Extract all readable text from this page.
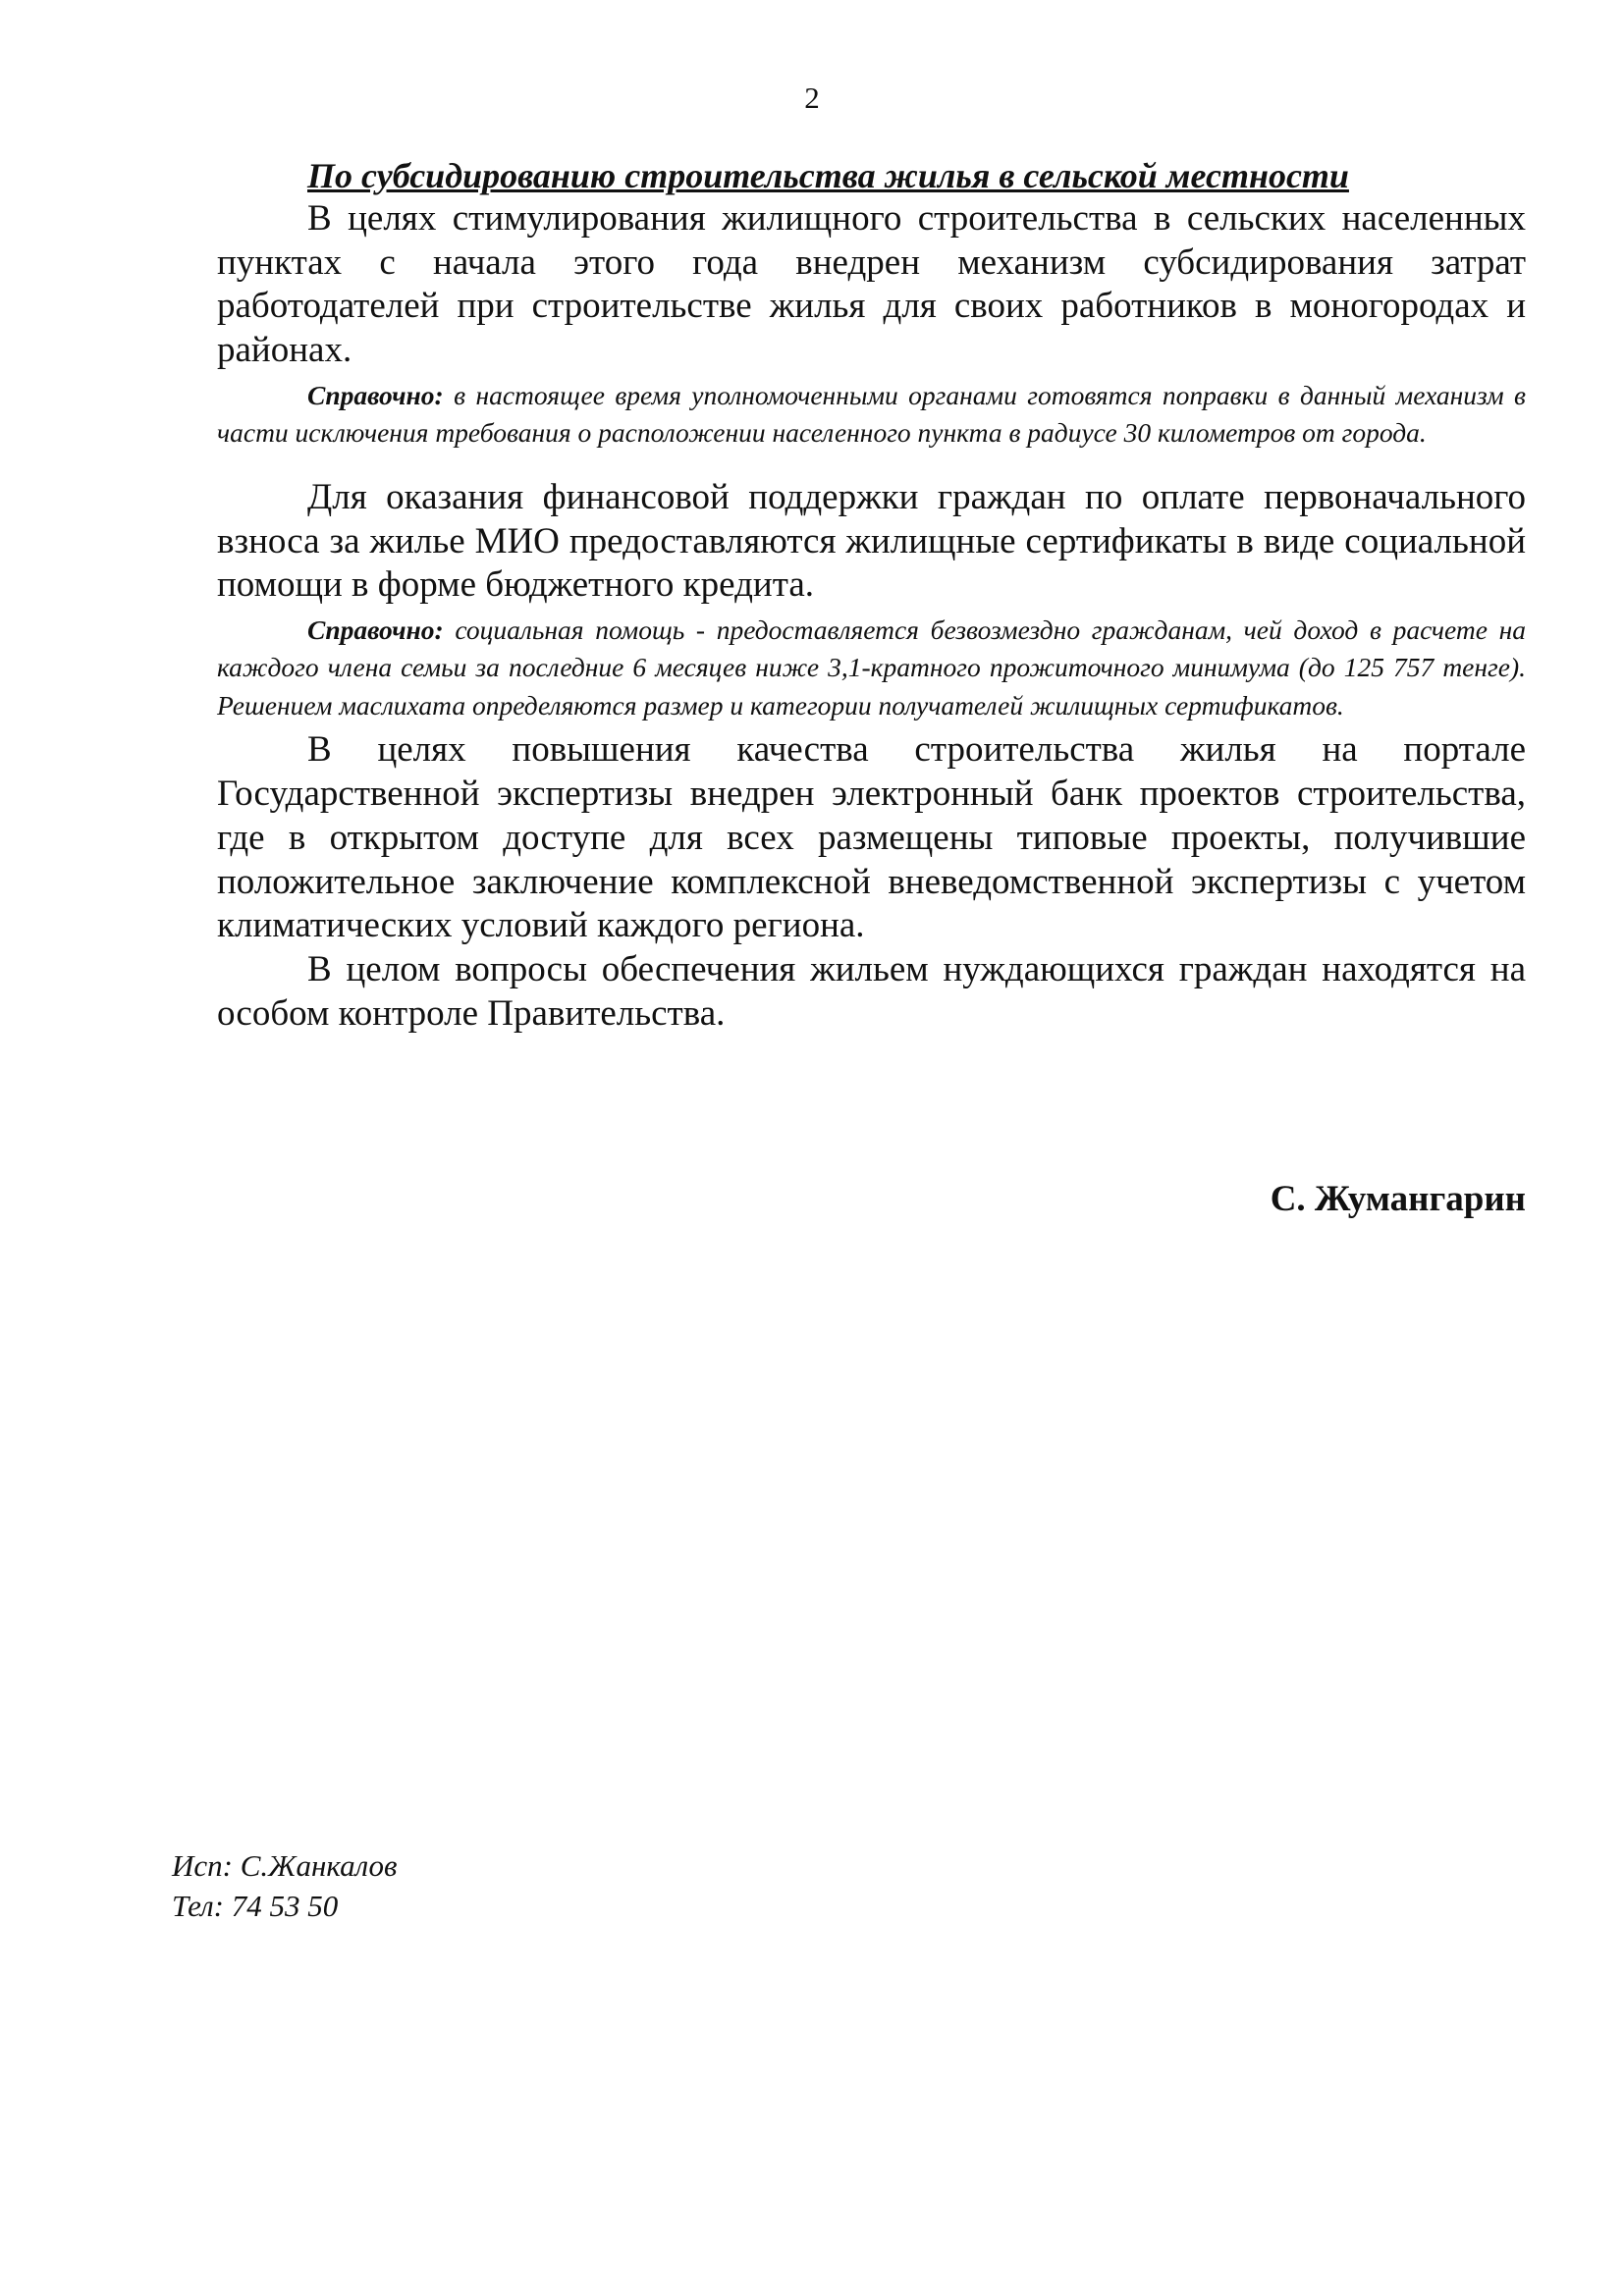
2

По субсидированию строительства жилья в сельской местности

В целях стимулирования жилищного строительства в сельских населенных пунктах с начала этого года внедрен механизм субсидирования затрат работодателей при строительстве жилья для своих работников в моногородах и районах.

Справочно: в настоящее время уполномоченными органами готовятся поправки в данный механизм в части исключения требования о расположении населенного пункта в радиусе 30 километров от города.

Для оказания финансовой поддержки граждан по оплате первоначального взноса за жилье МИО предоставляются жилищные сертификаты в виде социальной помощи в форме бюджетного кредита.

Справочно: социальная помощь - предоставляется безвозмездно гражданам, чей доход в расчете на каждого члена семьи за последние 6 месяцев ниже 3,1-кратного прожиточного минимума (до 125 757 тенге). Решением маслихата определяются размер и категории получателей жилищных сертификатов.

В целях повышения качества строительства жилья на портале Государственной экспертизы внедрен электронный банк проектов строительства, где в открытом доступе для всех размещены типовые проекты, получившие положительное заключение комплексной вневедомственной экспертизы с учетом климатических условий каждого региона.

В целом вопросы обеспечения жильем нуждающихся граждан находятся на особом контроле Правительства.

С. Жумангарин
Исп: С.Жанкалов
Тел: 74 53 50
